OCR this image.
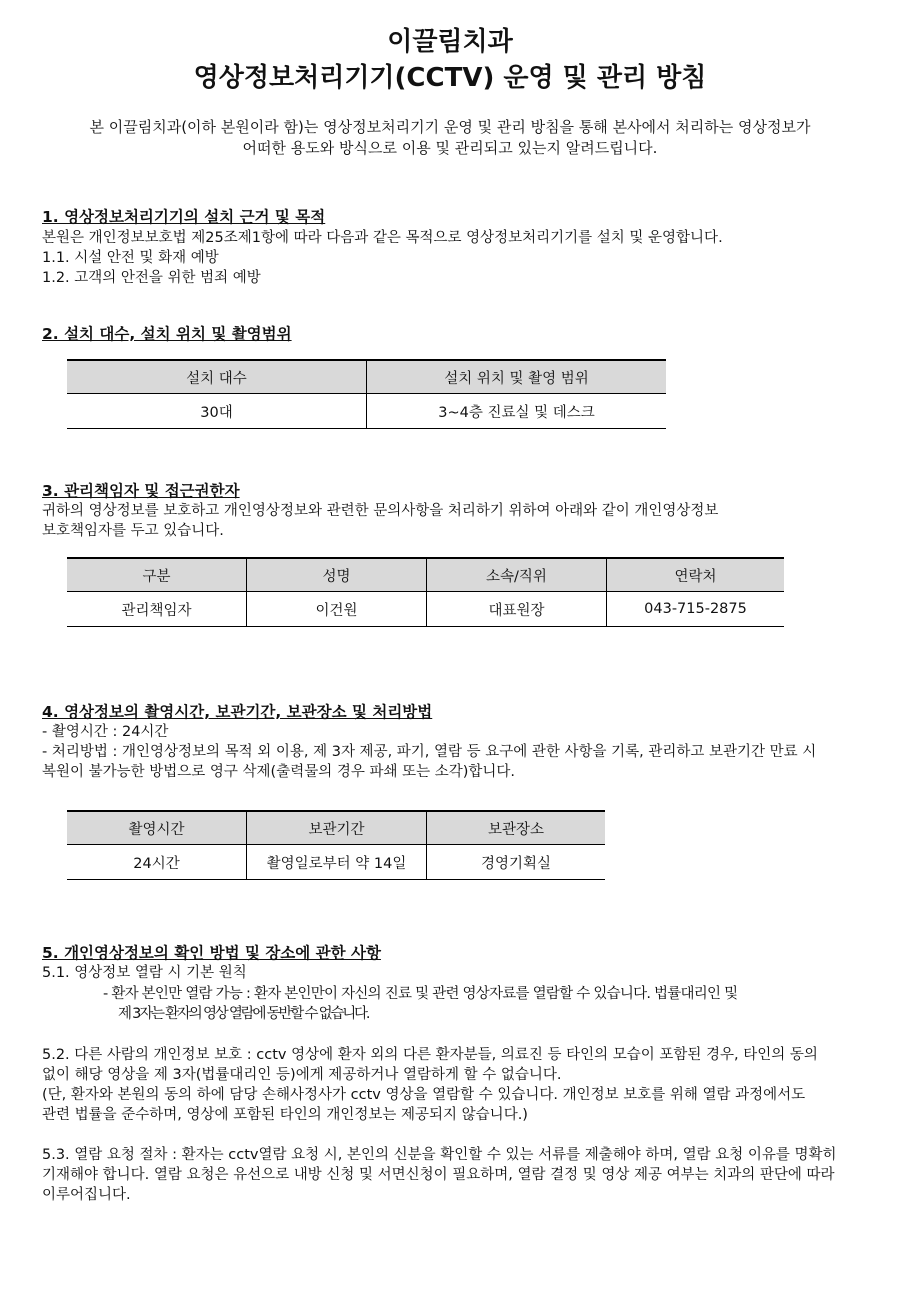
이끌림치과
영상정보처리기기(CCTV) 운영 및 관리 방침

본 이끌림치과(이하 본원이라 함)는 영상정보처리기기 운영 및 관리 방침을 통해 본사에서 처리하는 영상정보가
어떠한 용도와 방식으로 이용 및 관리되고 있는지 알려드립니다.

1. 영상정보처리기기의 설치 근거 및 목적

본원은 개인정보보호법 제25조제1항에 따라 다음과 같은 목적으로 영상정보처리기기를 설치 및 운영합니다.

1.1. 시설 안전 및 화재 예방

1.2. 고객의 안전을 위한 범죄 예방

2. 설치 대수, 설치 위치 및 촬영범위
설치 대수	설치 위치 및 촬영 범위
30대	3~4층 진료실 및 데스크
3. 관리책임자 및 접근권한자

귀하의 영상정보를 보호하고 개인영상정보와 관련한 문의사항을 처리하기 위하여 아래와 같이 개인영상정보

보호책임자를 두고 있습니다.

구분	성명	소속/직위	연락처
관리책임자	이건원	대표원장	043-715-2875
4. 영상정보의 촬영시간, 보관기간, 보관장소 및 처리방법

- 촬영시간 : 24시간

- 처리방법 : 개인영상정보의 목적 외 이용, 제 3자 제공, 파기, 열람 등 요구에 관한 사항을 기록, 관리하고 보관기간 만료 시

복원이 불가능한 방법으로 영구 삭제(출력물의 경우 파쇄 또는 소각)합니다.

촬영시간	보관기간	보관장소
24시간	촬영일로부터 약 14일	경영기획실
5. 개인영상정보의 확인 방법 및 장소에 관한 사항

5.1. 영상정보 열람 시 기본 원칙

- 환자 본인만 열람 가능 : 환자 본인만이 자신의 진료 및 관련 영상자료를 열람할 수 있습니다. 법률대리인 및

제 3자는 환자의 영상 열람에 동반할 수 없습니다.

5.2. 다른 사람의 개인정보 보호 : cctv 영상에 환자 외의 다른 환자분들, 의료진 등 타인의 모습이 포함된 경우, 타인의 동의

없이 해당 영상을 제 3자(법률대리인 등)에게 제공하거나 열람하게 할 수 없습니다.

(단, 환자와 본원의 동의 하에 담당 손해사정사가 cctv 영상을 열람할 수 있습니다. 개인정보 보호를 위해 열람 과정에서도

관련 법률을 준수하며, 영상에 포함된 타인의 개인정보는 제공되지 않습니다.)

5.3. 열람 요청 절차 : 환자는 cctv열람 요청 시, 본인의 신분을 확인할 수 있는 서류를 제출해야 하며, 열람 요청 이유를 명확히

기재해야 합니다. 열람 요청은 유선으로 내방 신청 및 서면신청이 필요하며, 열람 결정 및 영상 제공 여부는 치과의 판단에 따라

이루어집니다.
